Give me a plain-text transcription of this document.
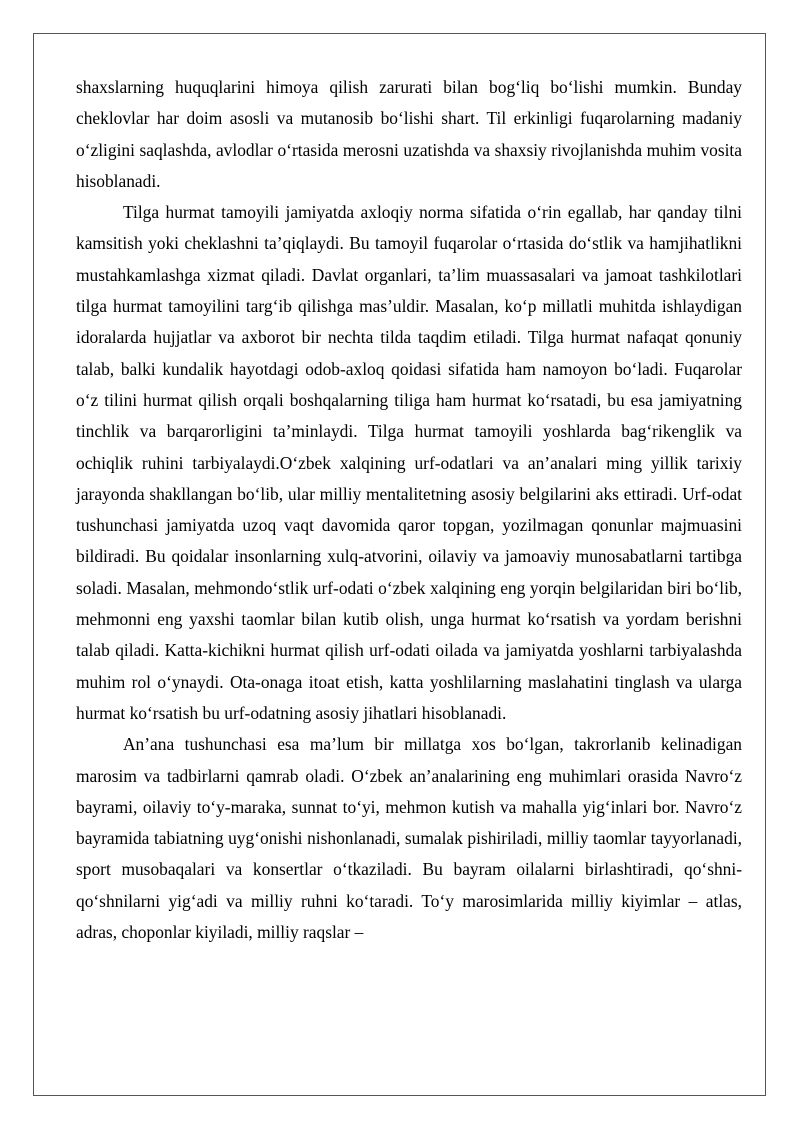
shaxslarning huquqlarini himoya qilish zarurati bilan bog‘liq bo‘lishi mumkin. Bunday cheklovlar har doim asosli va mutanosib bo‘lishi shart. Til erkinligi fuqarolarning madaniy o‘zligini saqlashda, avlodlar o‘rtasida merosni uzatishda va shaxsiy rivojlanishda muhim vosita hisoblanadi.

Tilga hurmat tamoyili jamiyatda axloqiy norma sifatida o‘rin egallab, har qanday tilni kamsitish yoki cheklashni ta’qiqlaydi. Bu tamoyil fuqarolar o‘rtasida do‘stlik va hamjihatlikni mustahkamlashga xizmat qiladi. Davlat organlari, ta’lim muassasalari va jamoat tashkilotlari tilga hurmat tamoyilini targ‘ib qilishga mas’uldir. Masalan, ko‘p millatli muhitda ishlaydigan idoralarda hujjatlar va axborot bir nechta tilda taqdim etiladi. Tilga hurmat nafaqat qonuniy talab, balki kundalik hayotdagi odob-axloq qoidasi sifatida ham namoyon bo‘ladi. Fuqarolar o‘z tilini hurmat qilish orqali boshqalarning tiliga ham hurmat ko‘rsatadi, bu esa jamiyatning tinchlik va barqarorligini ta’minlaydi. Tilga hurmat tamoyili yoshlarda bag‘rikenglik va ochiqlik ruhini tarbiyalaydi.O‘zbek xalqining urf-odatlari va an’analari ming yillik tarixiy jarayonda shakllangan bo‘lib, ular milliy mentalitetning asosiy belgilarini aks ettiradi. Urf-odat tushunchasi jamiyatda uzoq vaqt davomida qaror topgan, yozilmagan qonunlar majmuasini bildiradi. Bu qoidalar insonlarning xulq-atvorini, oilaviy va jamoaviy munosabatlarni tartibga soladi. Masalan, mehmondo‘stlik urf-odati o‘zbek xalqining eng yorqin belgilaridan biri bo‘lib, mehmonni eng yaxshi taomlar bilan kutib olish, unga hurmat ko‘rsatish va yordam berishni talab qiladi. Katta-kichikni hurmat qilish urf-odati oilada va jamiyatda yoshlarni tarbiyalashda muhim rol o‘ynaydi. Ota-onaga itoat etish, katta yoshlilarning maslahatini tinglash va ularga hurmat ko‘rsatish bu urf-odatning asosiy jihatlari hisoblanadi.

An’ana tushunchasi esa ma’lum bir millatga xos bo‘lgan, takrorlanib kelinadigan marosim va tadbirlarni qamrab oladi. O‘zbek an’analarining eng muhimlari orasida Navro‘z bayrami, oilaviy to‘y-maraka, sunnat to‘yi, mehmon kutish va mahalla yig‘inlari bor. Navro‘z bayramida tabiatning uyg‘onishi nishonlanadi, sumalak pishiriladi, milliy taomlar tayyorlanadi, sport musobaqalari va konsertlar o‘tkaziladi. Bu bayram oilalarni birlashtiradi, qo‘shni-qo‘shnilarni yig‘adi va milliy ruhni ko‘taradi. To‘y marosimlarida milliy kiyimlar – atlas, adras, choponlar kiyiladi, milliy raqslar –
